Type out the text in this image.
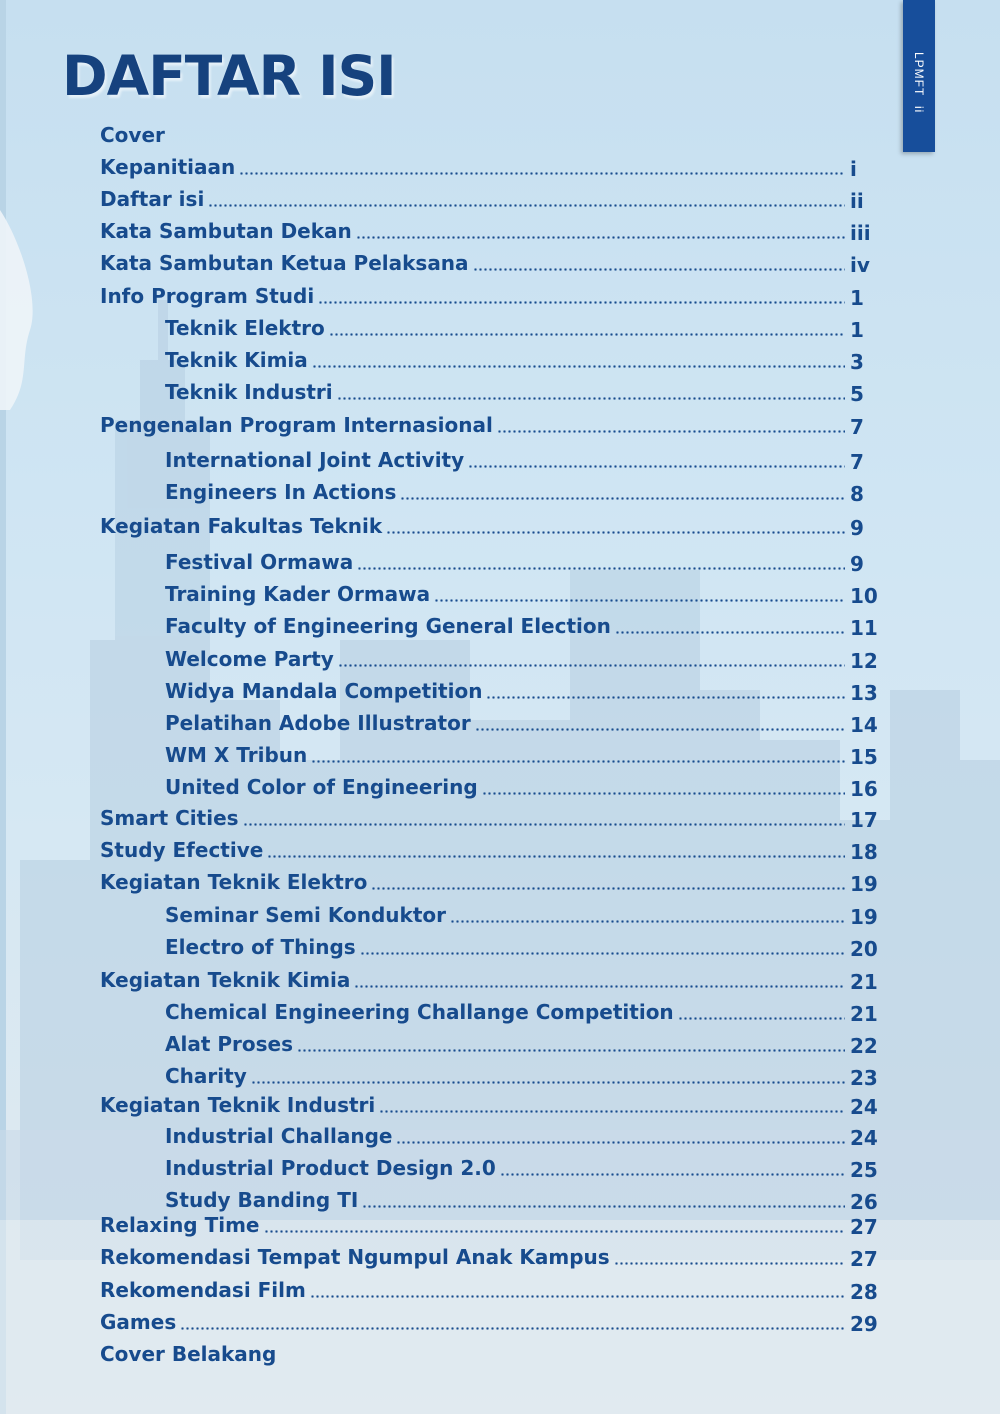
DAFTAR ISI	LPMFT
ii
Cover
Kepanitiaan	i
Daftar isi	ii
Kata Sambutan Dekan	iii
Kata Sambutan Ketua Pelaksana	iv
Info Program Studi	1
Teknik Elektro	1
Teknik Kimia	3
Teknik Industri	5
Pengenalan Program Internasional	7
International Joint Activity	7
Engineers In Actions	8
Kegiatan Fakultas Teknik	9
Festival Ormawa	9
Training Kader Ormawa	10
Faculty of Engineering General Election	11
Welcome Party	12
Widya Mandala Competition	13
Pelatihan Adobe Illustrator	14
WM X Tribun	15
United Color of Engineering	16
Smart Cities	17
Study Efective	18
Kegiatan Teknik Elektro	19
Seminar Semi Konduktor	19
Electro of Things	20
Kegiatan Teknik Kimia	21
Chemical Engineering Challange Competition	21
Alat Proses	22
Charity	23
Kegiatan Teknik Industri	24
Industrial Challange	24
Industrial Product Design 2.0	25
Study Banding TI	26
Relaxing Time	27
Rekomendasi Tempat Ngumpul Anak Kampus	27
Rekomendasi Film	28
Games	29
Cover Belakang
